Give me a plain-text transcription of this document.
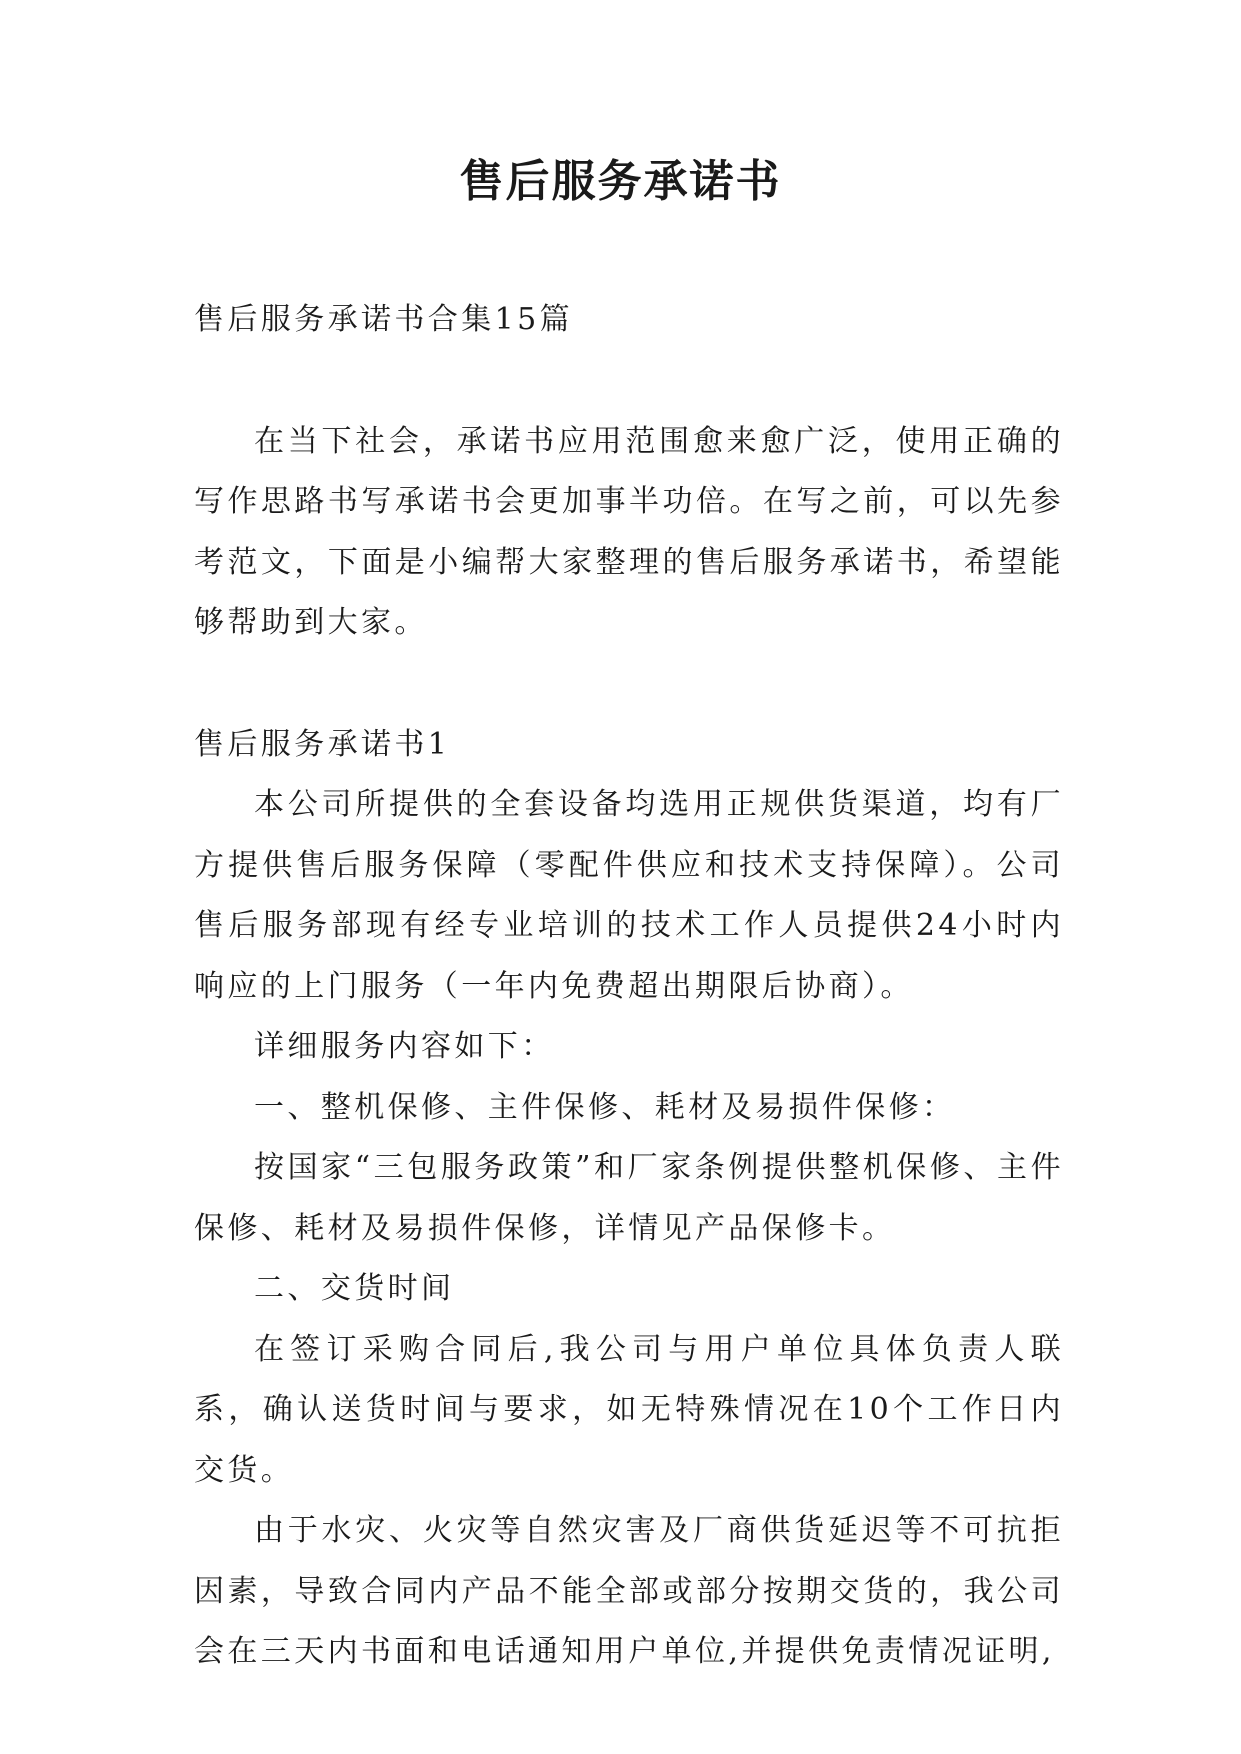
售后服务承诺书

售后服务承诺书合集15篇

在当下社会，承诺书应用范围愈来愈广泛，使用正确的写作思路书写承诺书会更加事半功倍。在写之前，可以先参考范文，下面是小编帮大家整理的售后服务承诺书，希望能够帮助到大家。

售后服务承诺书1

本公司所提供的全套设备均选用正规供货渠道，均有厂方提供售后服务保障（零配件供应和技术支持保障）。公司售后服务部现有经专业培训的技术工作人员提供24小时内响应的上门服务（一年内免费超出期限后协商）。

详细服务内容如下：

一、整机保修、主件保修、耗材及易损件保修：

按国家“三包服务政策”和厂家条例提供整机保修、主件保修、耗材及易损件保修，详情见产品保修卡。

二、交货时间

在签订采购合同后,我公司与用户单位具体负责人联系，确认送货时间与要求，如无特殊情况在10个工作日内交货。

由于水灾、火灾等自然灾害及厂商供货延迟等不可抗拒因素，导致合同内产品不能全部或部分按期交货的，我公司会在三天内书面和电话通知用户单位,并提供免责情况证明,
